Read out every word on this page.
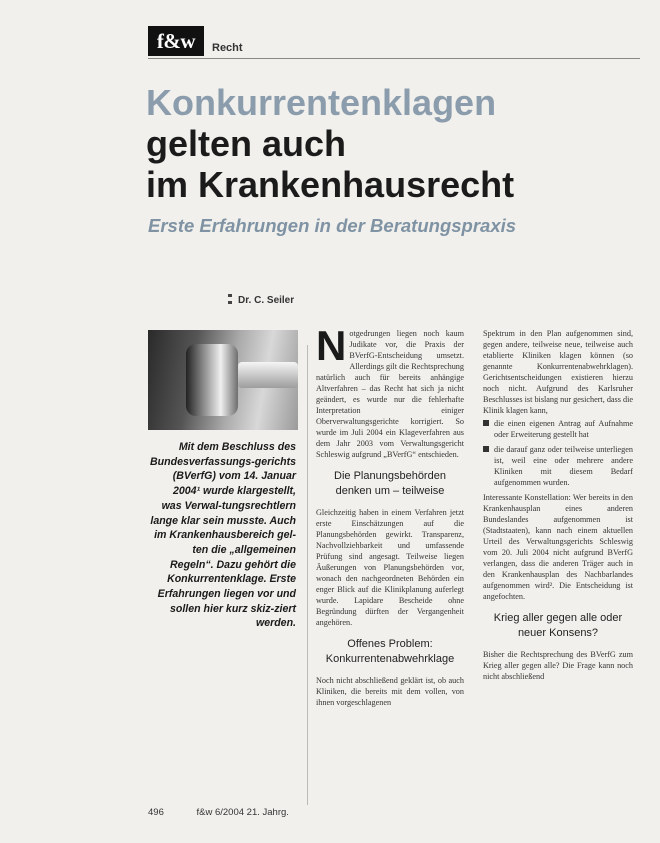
f&w	Recht
Konkurrentenklagen
gelten auch
im Krankenhausrecht
Erste Erfahrungen in der Beratungspraxis
Dr. C. Seiler

Mit dem Beschluss des Bundesverfassungs-gerichts (BVerfG) vom 14. Januar 2004¹ wurde klargestellt, was Verwal-tungsrechtlern lange klar sein musste. Auch im Krankenhausbereich gel-ten die „allgemeinen Regeln“. Dazu gehört die Konkurrentenklage. Erste Erfahrungen liegen vor und sollen hier kurz skiz-ziert werden.

Notgedrungen liegen noch kaum Judikate vor, die Praxis der BVerfG-Entscheidung umsetzt. Allerdings gilt die Rechtsprechung natürlich auch für bereits anhängige Altverfahren – das Recht hat sich ja nicht geändert, es wurde nur die fehlerhafte Interpretation einiger Oberverwaltungsgerichte korrigiert. So wurde im Juli 2004 ein Klageverfahren aus dem Jahr 2003 vom Verwaltungsgericht Schleswig aufgrund „BVerfG“ entschieden.

Die Planungsbehörden denken um – teilweise

Gleichzeitig haben in einem Verfahren jetzt erste Einschätzungen auf die Planungsbehörden gewirkt. Transparenz, Nachvollziehbarkeit und umfassende Prüfung sind angesagt. Teilweise liegen Äußerungen von Planungsbehörden vor, wonach den nachgeordneten Behörden ein enger Blick auf die Klinikplanung auferlegt wurde. Lapidare Bescheide ohne Begründung dürften der Vergangenheit angehören.

Offenes Problem: Konkurrentenabwehrklage

Noch nicht abschließend geklärt ist, ob auch Kliniken, die bereits mit dem vollen, von ihnen vorgeschlagenen

Spektrum in den Plan aufgenommen sind, gegen andere, teilweise neue, teilweise auch etablierte Kliniken klagen können (so genannte Konkurrentenabwehrklagen). Gerichtsentscheidungen existieren hierzu noch nicht. Aufgrund des Karlsruher Beschlusses ist bislang nur gesichert, dass die Klinik klagen kann,

die einen eigenen Antrag auf Aufnahme oder Erweiterung gestellt hat
die darauf ganz oder teilweise unterliegen ist, weil eine oder mehrere andere Kliniken mit diesem Bedarf aufgenommen wurden.

Interessante Konstellation: Wer bereits in den Krankenhausplan eines anderen Bundeslandes aufgenommen ist (Stadtstaaten), kann nach einem aktuellen Urteil des Verwaltungsgerichts Schleswig vom 20. Juli 2004 nicht aufgrund BVerfG verlangen, dass die anderen Träger auch in den Krankenhausplan des Nachbarlandes aufgenommen wird². Die Entscheidung ist angefochten.

Krieg aller gegen alle oder neuer Konsens?

Bisher die Rechtsprechung des BVerfG zum Krieg aller gegen alle? Die Frage kann noch nicht abschließend

496	f&w 6/2004 21. Jahrg.
